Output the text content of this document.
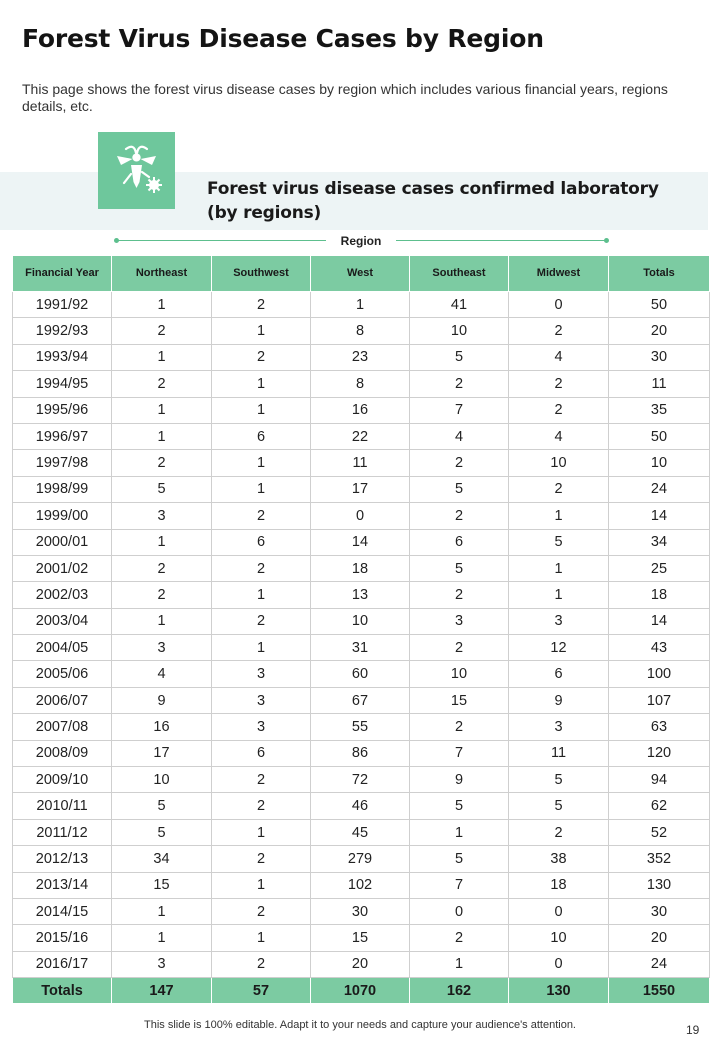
Forest Virus Disease Cases by Region

This page shows the forest virus disease cases by region which includes various financial years, regions details, etc.

Forest virus disease cases confirmed laboratory (by regions)
Region
Financial Year	Northeast	Southwest	West	Southeast	Midwest	Totals
1991/92	1	2	1	41	0	50
1992/93	2	1	8	10	2	20
1993/94	1	2	23	5	4	30
1994/95	2	1	8	2	2	11
1995/96	1	1	16	7	2	35
1996/97	1	6	22	4	4	50
1997/98	2	1	11	2	10	10
1998/99	5	1	17	5	2	24
1999/00	3	2	0	2	1	14
2000/01	1	6	14	6	5	34
2001/02	2	2	18	5	1	25
2002/03	2	1	13	2	1	18
2003/04	1	2	10	3	3	14
2004/05	3	1	31	2	12	43
2005/06	4	3	60	10	6	100
2006/07	9	3	67	15	9	107
2007/08	16	3	55	2	3	63
2008/09	17	6	86	7	11	120
2009/10	10	2	72	9	5	94
2010/11	5	2	46	5	5	62
2011/12	5	1	45	1	2	52
2012/13	34	2	279	5	38	352
2013/14	15	1	102	7	18	130
2014/15	1	2	30	0	0	30
2015/16	1	1	15	2	10	20
2016/17	3	2	20	1	0	24
Totals	147	57	1070	162	130	1550
This slide is 100% editable. Adapt it to your needs and capture your audience's attention.	19
